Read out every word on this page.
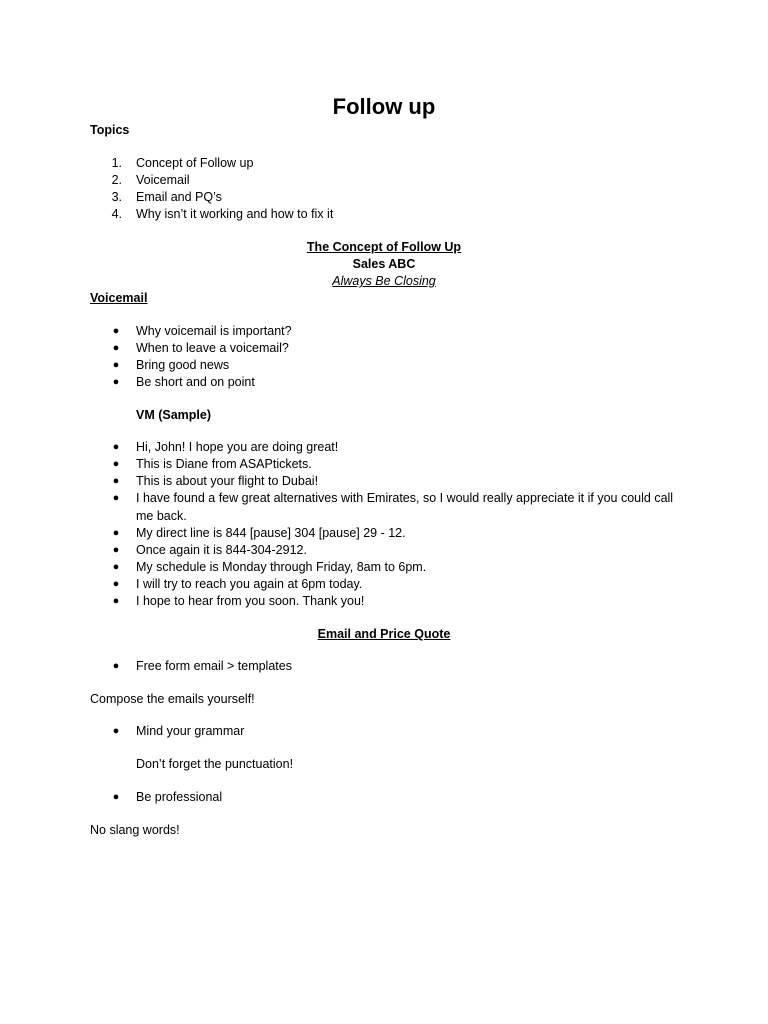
Follow up
Topics
1. Concept of Follow up
2. Voicemail
3. Email and PQ’s
4. Why isn’t it working and how to fix it
The Concept of Follow Up
Sales ABC
Always Be Closing
Voicemail
● Why voicemail is important?
● When to leave a voicemail?
● Bring good news
● Be short and on point
VM (Sample)
● Hi, John! I hope you are doing great!
● This is Diane from ASAPtickets.
● This is about your flight to Dubai!
● I have found a few great alternatives with Emirates, so I would really appreciate it if you could call
me back.
● My direct line is 844 [pause] 304 [pause] 29 - 12.
● Once again it is 844-304-2912.
● My schedule is Monday through Friday, 8am to 6pm.
● I will try to reach you again at 6pm today.
● I hope to hear from you soon. Thank you!
Email and Price Quote
● Free form email > templates
Compose the emails yourself!
● Mind your grammar
Don’t forget the punctuation!
● Be professional
No slang words!
